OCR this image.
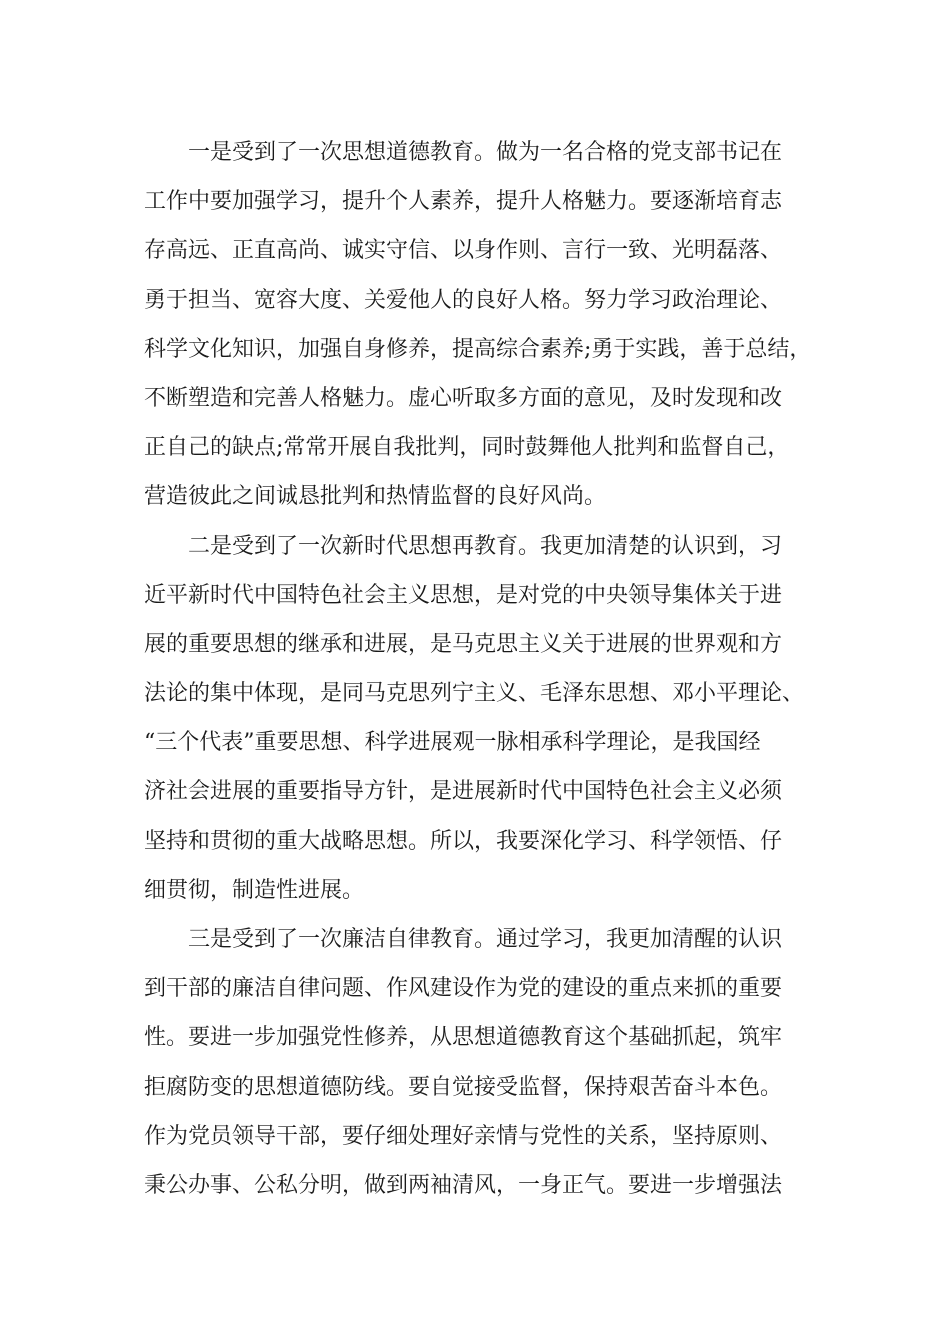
一是受到了一次思想道德教育。做为一名合格的党支部书记在
工作中要加强学习，提升个人素养，提升人格魅力。要逐渐培育志
存高远、正直高尚、诚实守信、以身作则、言行一致、光明磊落、
勇于担当、宽容大度、关爱他人的良好人格。努力学习政治理论、
科学文化知识，加强自身修养，提高综合素养;勇于实践，善于总结，
不断塑造和完善人格魅力。虚心听取多方面的意见，及时发现和改
正自己的缺点;常常开展自我批判，同时鼓舞他人批判和监督自己，
营造彼此之间诚恳批判和热情监督的良好风尚。

二是受到了一次新时代思想再教育。我更加清楚的认识到，习
近平新时代中国特色社会主义思想，是对党的中央领导集体关于进
展的重要思想的继承和进展，是马克思主义关于进展的世界观和方
法论的集中体现，是同马克思列宁主义、毛泽东思想、邓小平理论、
“三个代表”重要思想、科学进展观一脉相承科学理论，是我国经
济社会进展的重要指导方针，是进展新时代中国特色社会主义必须
坚持和贯彻的重大战略思想。所以，我要深化学习、科学领悟、仔
细贯彻，制造性进展。

三是受到了一次廉洁自律教育。通过学习，我更加清醒的认识
到干部的廉洁自律问题、作风建设作为党的建设的重点来抓的重要
性。要进一步加强党性修养，从思想道德教育这个基础抓起，筑牢
拒腐防变的思想道德防线。要自觉接受监督，保持艰苦奋斗本色。
作为党员领导干部，要仔细处理好亲情与党性的关系，坚持原则、
秉公办事、公私分明，做到两袖清风，一身正气。要进一步增强法
